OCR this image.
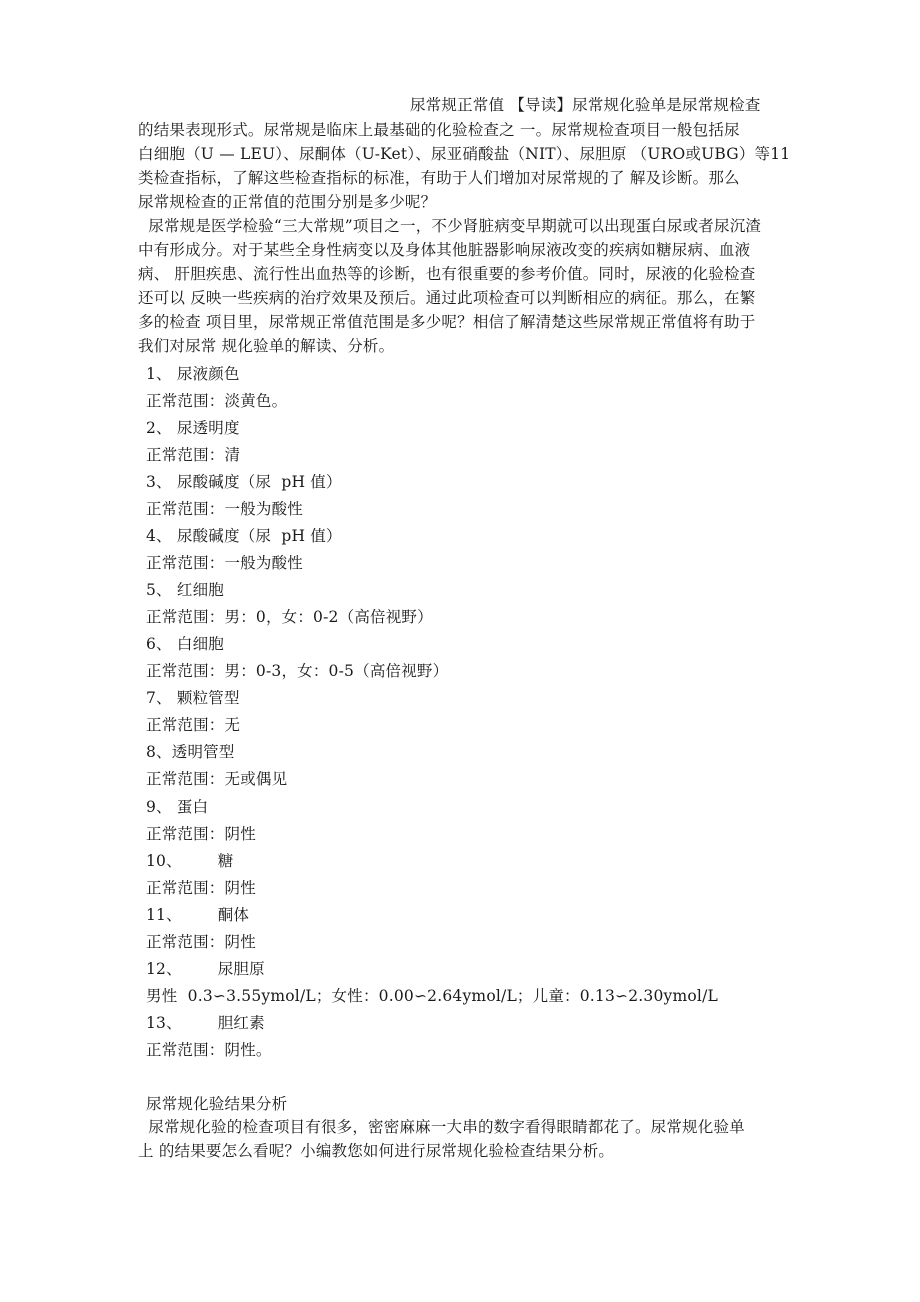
尿常规正常值 【导读】尿常规化验单是尿常规检查
的结果表现形式。尿常规是临床上最基础的化验检查之 一。尿常规检查项目一般包括尿
白细胞（U — LEU）、尿酮体（U-Ket）、尿亚硝酸盐（NIT）、尿胆原 （URO或UBG）等11
类检查指标，了解这些检查指标的标准，有助于人们增加对尿常规的了 解及诊断。那么
尿常规检查的正常值的范围分别是多少呢？
尿常规是医学检验“三大常规”项目之一，不少肾脏病变早期就可以出现蛋白尿或者尿沉渣
中有形成分。对于某些全身性病变以及身体其他脏器影响尿液改变的疾病如糖尿病、血液
病、 肝胆疾患、流行性出血热等的诊断，也有很重要的参考价值。同时，尿液的化验检查
还可以 反映一些疾病的治疗效果及预后。通过此项检查可以判断相应的病征。那么，在繁
多的检查 项目里，尿常规正常值范围是多少呢？相信了解清楚这些尿常规正常值将有助于
我们对尿常 规化验单的解读、分析。
1、 尿液颜色
正常范围：淡黄色。
2、 尿透明度
正常范围：清
3、 尿酸碱度（尿  pH 值）
正常范围：一般为酸性
4、 尿酸碱度（尿  pH 值）
正常范围：一般为酸性
5、 红细胞
正常范围：男：0，女：0-2（高倍视野）
6、 白细胞
正常范围：男：0-3，女：0-5（高倍视野）
7、 颗粒管型
正常范围：无
8、透明管型
正常范围：无或偶见
9、 蛋白
正常范围：阴性
10、       糖
正常范围：阴性
11、       酮体
正常范围：阴性
12、       尿胆原
男性  0.3∽3.55ymol/L；女性：0.00∽2.64ymol/L；儿童：0.13∽2.30ymol/L
13、       胆红素
正常范围：阴性。
尿常规化验结果分析
尿常规化验的检查项目有很多，密密麻麻一大串的数字看得眼睛都花了。尿常规化验单
上 的结果要怎么看呢？小编教您如何进行尿常规化验检查结果分析。
